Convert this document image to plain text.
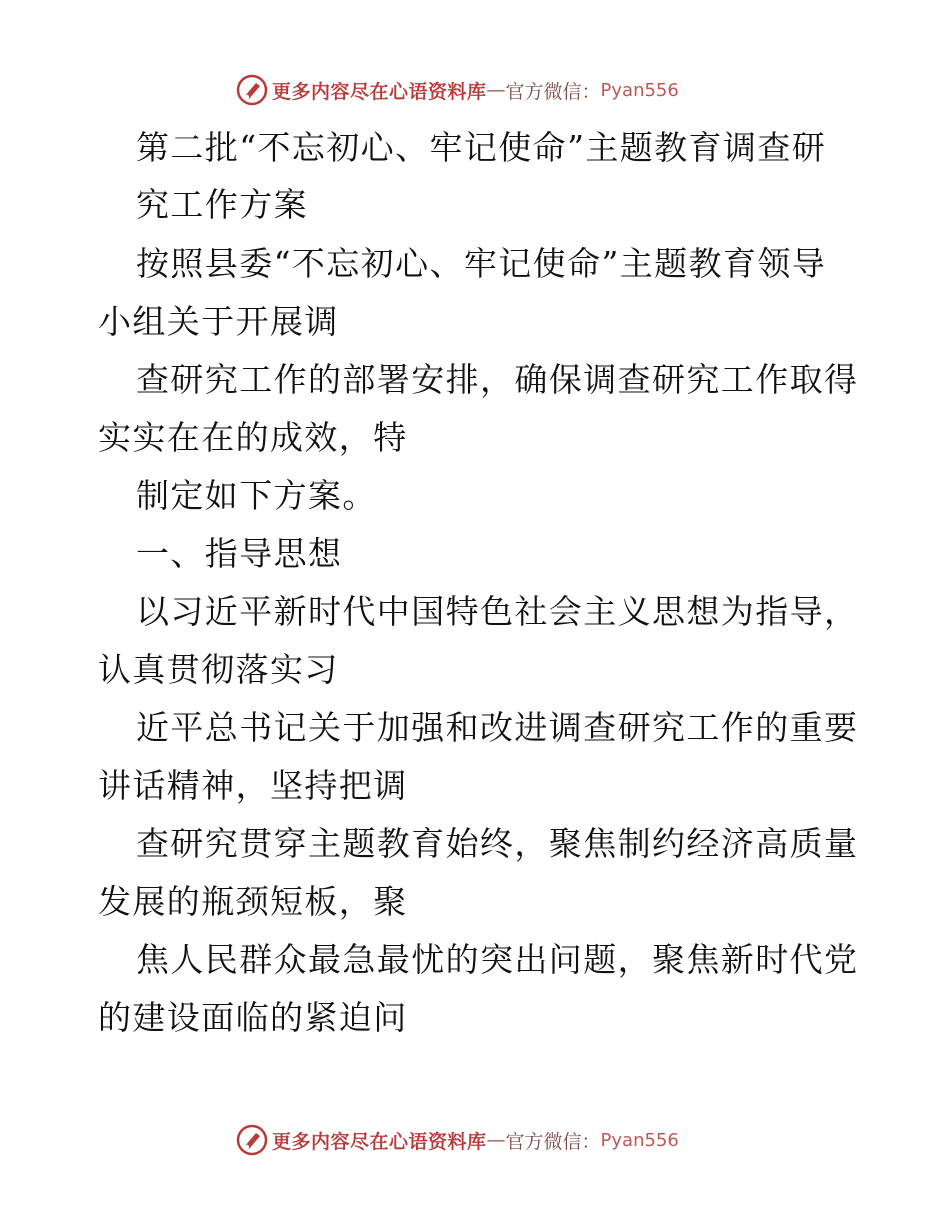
更多内容尽在心语资料库 — 官方微信： Pyan556
第二批“不忘初心、牢记使命”主题教育调查研
究工作方案
按照县委“不忘初心、牢记使命”主题教育领导
小组关于开展调
查研究工作的部署安排，确保调查研究工作取得
实实在在的成效，特
制定如下方案。
一、指导思想
以习近平新时代中国特色社会主义思想为指导，
认真贯彻落实习
近平总书记关于加强和改进调查研究工作的重要
讲话精神，坚持把调
查研究贯穿主题教育始终，聚焦制约经济高质量
发展的瓶颈短板，聚
焦人民群众最急最忧的突出问题，聚焦新时代党
的建设面临的紧迫问
更多内容尽在心语资料库 — 官方微信： Pyan556
